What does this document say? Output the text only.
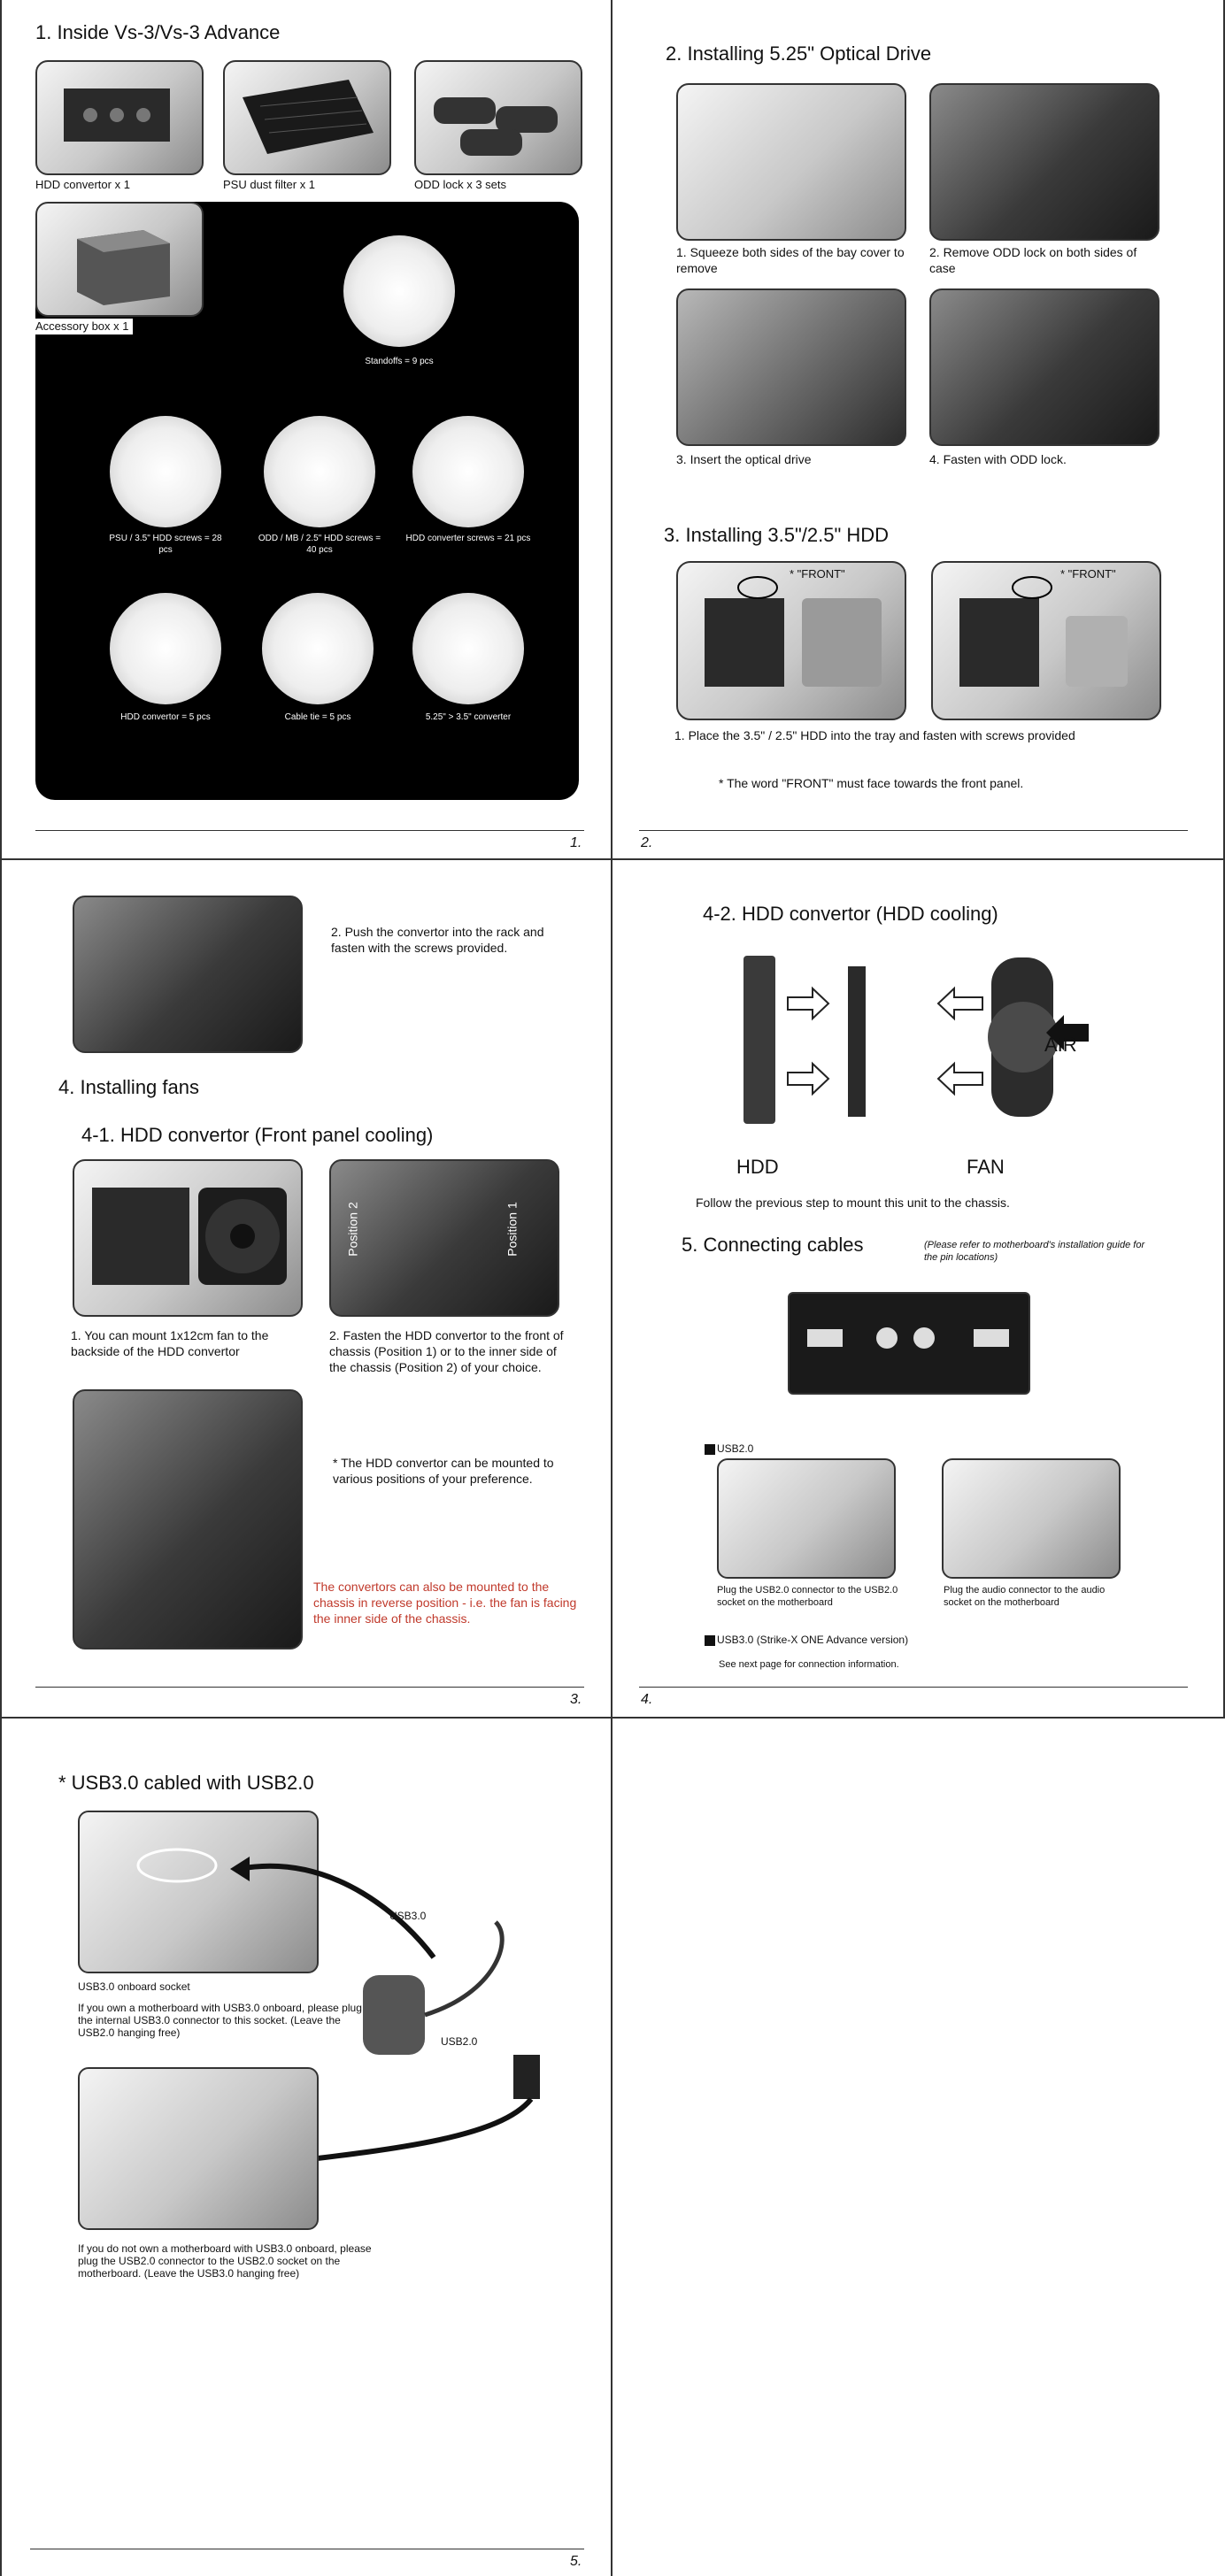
1. Inside Vs-3/Vs-3 Advance
HDD convertor x 1	PSU dust filter x 1	ODD lock x 3 sets
Accessory box x 1
Standoffs = 9 pcs
PSU / 3.5" HDD screws = 28 pcs
ODD / MB / 2.5" HDD screws = 40 pcs
HDD converter screws = 21 pcs
HDD convertor = 5 pcs	Cable tie = 5 pcs	5.25" > 3.5" converter
1.
2. Installing 5.25" Optical Drive
1. Squeeze both sides of the bay cover to remove
2. Remove ODD lock on both sides of case
3. Insert the optical drive	4. Fasten with ODD lock.
3. Installing 3.5"/2.5" HDD
* "FRONT"	* "FRONT"
1. Place the 3.5" / 2.5" HDD into the tray and fasten with screws provided
* The word "FRONT" must face towards the front panel.
2.
2. Push the convertor into the rack and fasten with the screws provided.
4. Installing fans
4-1. HDD convertor (Front panel cooling)
1. You can mount 1x12cm fan to the backside of the HDD convertor
Position 2	Position 1
2. Fasten the HDD convertor to the front of chassis (Position 1) or to the inner side of the chassis (Position 2) of your choice.
* The HDD convertor can be mounted to various positions of your preference.
The convertors can also be mounted to the chassis in reverse position - i.e. the fan is facing the inner side of the chassis.
3.
4-2. HDD convertor (HDD cooling)
AIR
HDD	FAN
Follow the previous step to mount this unit to the chassis.
5. Connecting cables	(Please refer to motherboard's installation guide for the pin locations)
USB2.0
Plug the USB2.0 connector to the USB2.0 socket on the motherboard
Plug the audio connector to the audio socket on the motherboard
USB3.0 (Strike-X ONE Advance version)
See next page for connection information.
4.
* USB3.0 cabled with USB2.0
USB3.0 onboard socket
If you own a motherboard with USB3.0 onboard, please plug the internal USB3.0 connector to this socket. (Leave the USB2.0 hanging free)
USB3.0
USB2.0
If you do not own a motherboard with USB3.0 onboard, please plug the USB2.0 connector to the USB2.0 socket on the motherboard. (Leave the USB3.0 hanging free)
5.
